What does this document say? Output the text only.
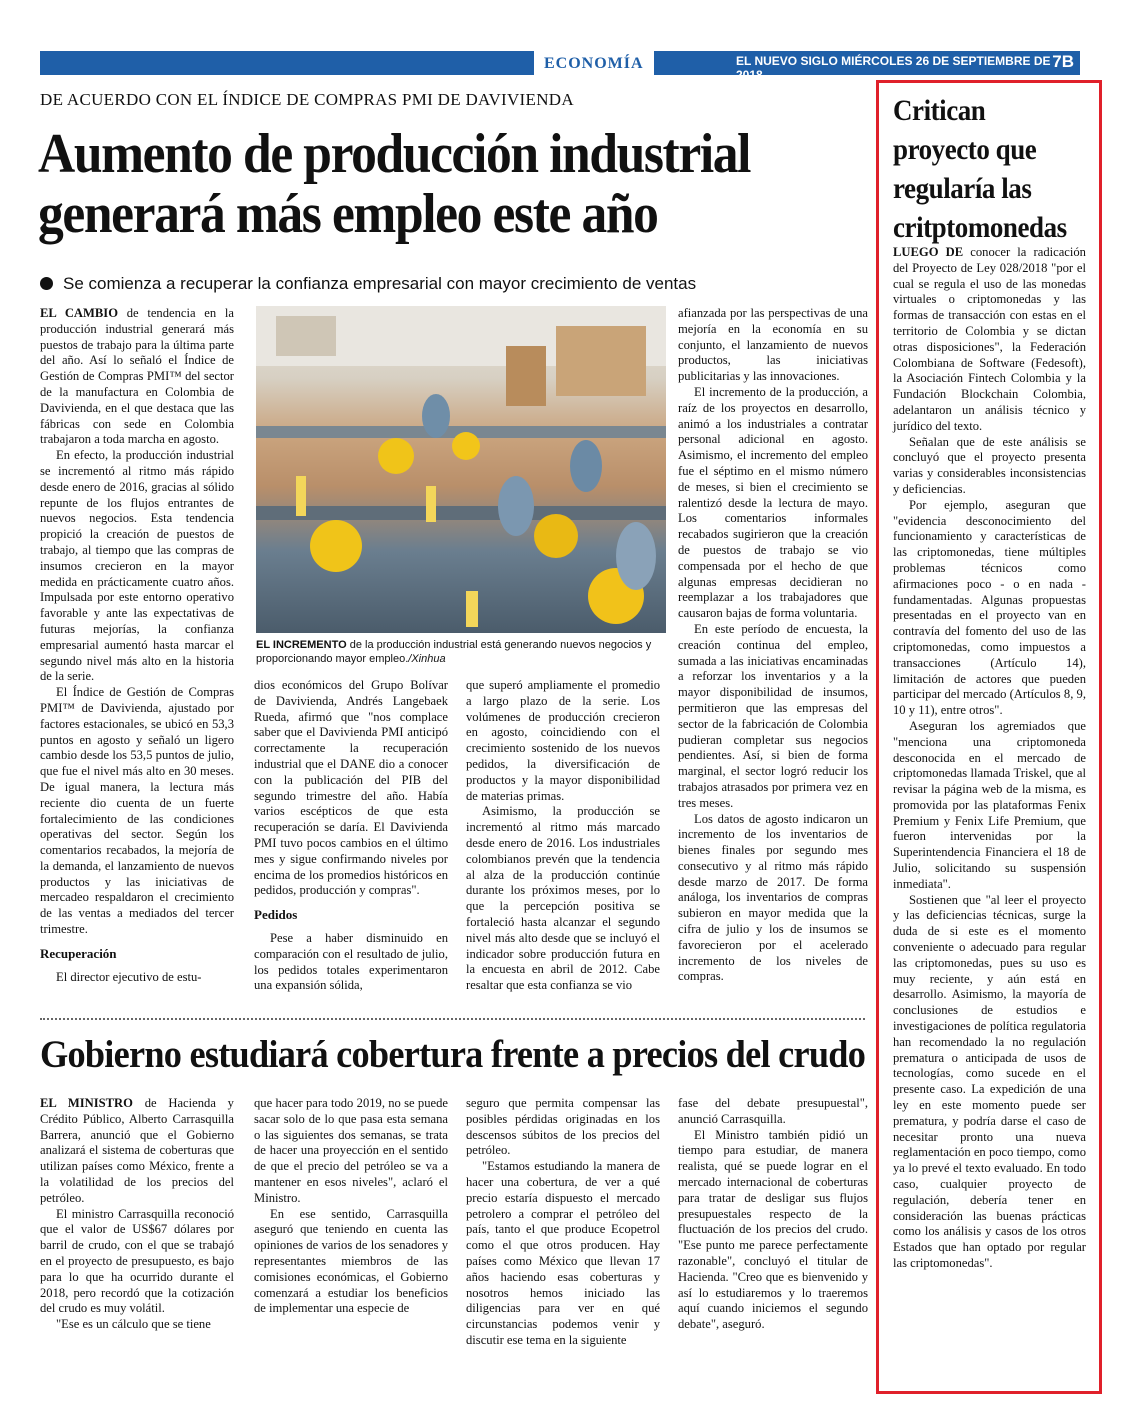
ECONOMÍA	EL NUEVO SIGLO MIÉRCOLES 26 DE SEPTIEMBRE DE 2018
7B
DE ACUERDO CON EL ÍNDICE DE COMPRAS PMI DE DAVIVIENDA
Aumento de producción industrial
generará más empleo este año
Se comienza a recuperar la confianza empresarial con mayor crecimiento de ventas

EL CAMBIO de tendencia en la producción industrial generará más puestos de trabajo para la última parte del año. Así lo señaló el Índice de Gestión de Compras PMI™ del sector de la manufactura en Colombia de Davivienda, en el que destaca que las fábricas con sede en Colombia trabajaron a toda marcha en agosto.

En efecto, la producción industrial se incrementó al ritmo más rápido desde enero de 2016, gracias al sólido repunte de los flujos entrantes de nuevos negocios. Esta tendencia propició la creación de puestos de trabajo, al tiempo que las compras de insumos crecieron en la mayor medida en prácticamente cuatro años. Impulsada por este entorno operativo favorable y ante las expectativas de futuras mejorías, la confianza empresarial aumentó hasta marcar el segundo nivel más alto en la historia de la serie.

El Índice de Gestión de Compras PMI™ de Davivienda, ajustado por factores estacionales, se ubicó en 53,3 puntos en agosto y señaló un ligero cambio desde los 53,5 puntos de julio, que fue el nivel más alto en 30 meses. De igual manera, la lectura más reciente dio cuenta de un fuerte fortalecimiento de las condiciones operativas del sector. Según los comentarios recabados, la mejoría de la demanda, el lanzamiento de nuevos productos y las iniciativas de mercadeo respaldaron el crecimiento de las ventas a mediados del tercer trimestre.

Recuperación

El director ejecutivo de estu-

EL INCREMENTO de la producción industrial está generando nuevos negocios y proporcionando mayor empleo./Xinhua

dios económicos del Grupo Bolívar de Davivienda, Andrés Langebaek Rueda, afirmó que "nos complace saber que el Davivienda PMI anticipó correctamente la recuperación industrial que el DANE dio a conocer con la publicación del PIB del segundo trimestre del año. Había varios escépticos de que esta recuperación se daría. El Davivienda PMI tuvo pocos cambios en el último mes y sigue confirmando niveles por encima de los promedios históricos en pedidos, producción y compras".

Pedidos

Pese a haber disminuido en comparación con el resultado de julio, los pedidos totales experimentaron una expansión sólida,

que superó ampliamente el promedio a largo plazo de la serie. Los volúmenes de producción crecieron en agosto, coincidiendo con el crecimiento sostenido de los nuevos pedidos, la diversificación de productos y la mayor disponibilidad de materias primas.

Asimismo, la producción se incrementó al ritmo más marcado desde enero de 2016. Los industriales colombianos prevén que la tendencia al alza de la producción continúe durante los próximos meses, por lo que la percepción positiva se fortaleció hasta alcanzar el segundo nivel más alto desde que se incluyó el indicador sobre producción futura en la encuesta en abril de 2012. Cabe resaltar que esta confianza se vio

afianzada por las perspectivas de una mejoría en la economía en su conjunto, el lanzamiento de nuevos productos, las iniciativas publicitarias y las innovaciones.

El incremento de la producción, a raíz de los proyectos en desarrollo, animó a los industriales a contratar personal adicional en agosto. Asimismo, el incremento del empleo fue el séptimo en el mismo número de meses, si bien el crecimiento se ralentizó desde la lectura de mayo. Los comentarios informales recabados sugirieron que la creación de puestos de trabajo se vio compensada por el hecho de que algunas empresas decidieran no reemplazar a los trabajadores que causaron bajas de forma voluntaria.

En este período de encuesta, la creación continua del empleo, sumada a las iniciativas encaminadas a reforzar los inventarios y a la mayor disponibilidad de insumos, permitieron que las empresas del sector de la fabricación de Colombia pudieran completar sus negocios pendientes. Así, si bien de forma marginal, el sector logró reducir los trabajos atrasados por primera vez en tres meses.

Los datos de agosto indicaron un incremento de los inventarios de bienes finales por segundo mes consecutivo y al ritmo más rápido desde marzo de 2017. De forma análoga, los inventarios de compras subieron en mayor medida que la cifra de julio y los de insumos se favorecieron por el acelerado incremento de los niveles de compras.

Gobierno estudiará cobertura frente a precios del crudo

EL MINISTRO de Hacienda y Crédito Público, Alberto Carrasquilla Barrera, anunció que el Gobierno analizará el sistema de coberturas que utilizan países como México, frente a la volatilidad de los precios del petróleo.

El ministro Carrasquilla reconoció que el valor de US$67 dólares por barril de crudo, con el que se trabajó en el proyecto de presupuesto, es bajo para lo que ha ocurrido durante el 2018, pero recordó que la cotización del crudo es muy volátil.

"Ese es un cálculo que se tiene

que hacer para todo 2019, no se puede sacar solo de lo que pasa esta semana o las siguientes dos semanas, se trata de hacer una proyección en el sentido de que el precio del petróleo se va a mantener en esos niveles", aclaró el Ministro.

En ese sentido, Carrasquilla aseguró que teniendo en cuenta las opiniones de varios de los senadores y representantes miembros de las comisiones económicas, el Gobierno comenzará a estudiar los beneficios de implementar una especie de

seguro que permita compensar las posibles pérdidas originadas en los descensos súbitos de los precios del petróleo.

"Estamos estudiando la manera de hacer una cobertura, de ver a qué precio estaría dispuesto el mercado petrolero a comprar el petróleo del país, tanto el que produce Ecopetrol como el que otros producen. Hay países como México que llevan 17 años haciendo esas coberturas y nosotros hemos iniciado las diligencias para ver en qué circunstancias podemos venir y discutir ese tema en la siguiente

fase del debate presupuestal", anunció Carrasquilla.

El Ministro también pidió un tiempo para estudiar, de manera realista, qué se puede lograr en el mercado internacional de coberturas para tratar de desligar sus flujos presupuestales respecto de la fluctuación de los precios del crudo. "Ese punto me parece perfectamente razonable", concluyó el titular de Hacienda. "Creo que es bienvenido y así lo estudiaremos y lo traeremos aquí cuando iniciemos el segundo debate", aseguró.

Critican proyecto que regularía las critptomonedas

LUEGO DE conocer la radicación del Proyecto de Ley 028/2018 "por el cual se regula el uso de las monedas virtuales o criptomonedas y las formas de transacción con estas en el territorio de Colombia y se dictan otras disposiciones", la Federación Colombiana de Software (Fedesoft), la Asociación Fintech Colombia y la Fundación Blockchain Colombia, adelantaron un análisis técnico y jurídico del texto.

Señalan que de este análisis se concluyó que el proyecto presenta varias y considerables inconsistencias y deficiencias.

Por ejemplo, aseguran que "evidencia desconocimiento del funcionamiento y características de las criptomonedas, tiene múltiples problemas técnicos como afirmaciones poco - o en nada - fundamentadas. Algunas propuestas presentadas en el proyecto van en contravía del fomento del uso de las criptomonedas, como impuestos a transacciones (Artículo 14), limitación de actores que pueden participar del mercado (Artículos 8, 9, 10 y 11), entre otros".

Aseguran los agremiados que "menciona una criptomoneda desconocida en el mercado de criptomonedas llamada Triskel, que al revisar la página web de la misma, es promovida por las plataformas Fenix Premium y Fenix Life Premium, que fueron intervenidas por la Superintendencia Financiera el 18 de Julio, solicitando su suspensión inmediata".

Sostienen que "al leer el proyecto y las deficiencias técnicas, surge la duda de si este es el momento conveniente o adecuado para regular las criptomonedas, pues su uso es muy reciente, y aún está en desarrollo. Asimismo, la mayoría de conclusiones de estudios e investigaciones de política regulatoria han recomendado la no regulación prematura o anticipada de usos de tecnologías, como sucede en el presente caso. La expedición de una ley en este momento puede ser prematura, y podría darse el caso de necesitar pronto una nueva reglamentación en poco tiempo, como ya lo prevé el texto evaluado. En todo caso, cualquier proyecto de regulación, debería tener en consideración las buenas prácticas como los análisis y casos de los otros Estados que han optado por regular las criptomonedas".
